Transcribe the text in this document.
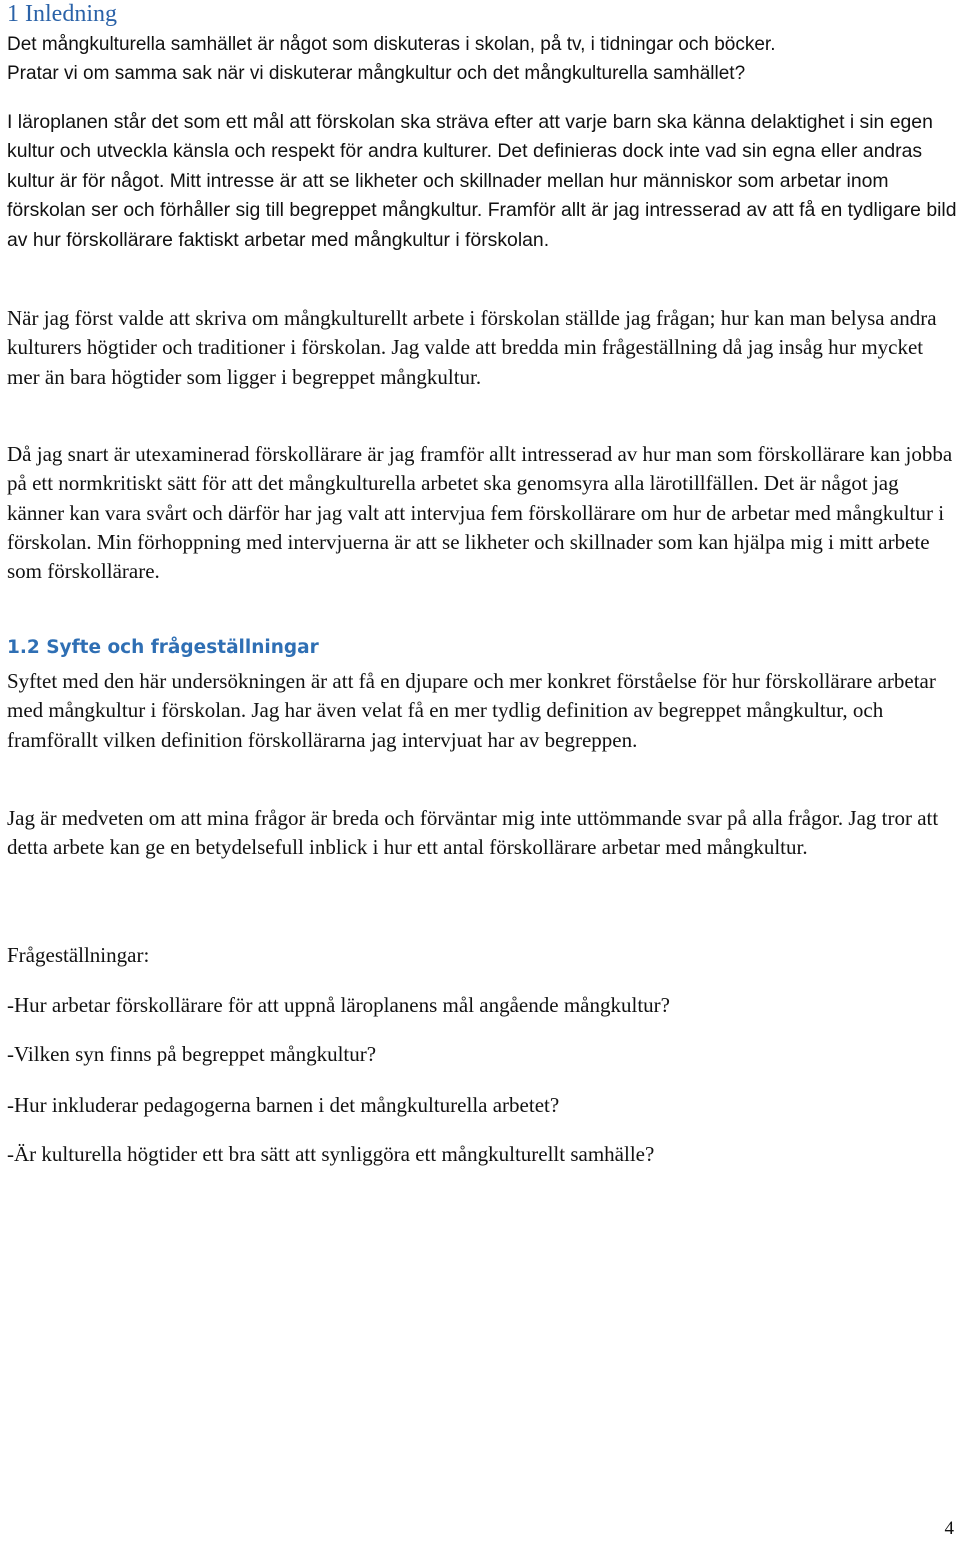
1 Inledning
Det mångkulturella samhället är något som diskuteras i skolan, på tv, i tidningar och böcker.
Pratar vi om samma sak när vi diskuterar mångkultur och det mångkulturella samhället?

I läroplanen står det som ett mål att förskolan ska sträva efter att varje barn ska känna delaktighet i sin egen kultur och utveckla känsla och respekt för andra kulturer. Det definieras dock inte vad sin egna eller andras kultur är för något. Mitt intresse är att se likheter och skillnader mellan hur människor som arbetar inom förskolan ser och förhåller sig till begreppet mångkultur. Framför allt är jag intresserad av att få en tydligare bild av hur förskollärare faktiskt arbetar med mångkultur i förskolan.

När jag först valde att skriva om mångkulturellt arbete i förskolan ställde jag frågan; hur kan man belysa andra kulturers högtider och traditioner i förskolan. Jag valde att bredda min frågeställning då jag insåg hur mycket mer än bara högtider som ligger i begreppet mångkultur.

Då jag snart är utexaminerad förskollärare är jag framför allt intresserad av hur man som förskollärare kan jobba på ett normkritiskt sätt för att det mångkulturella arbetet ska genomsyra alla lärotillfällen. Det är något jag känner kan vara svårt och därför har jag valt att intervjua fem förskollärare om hur de arbetar med mångkultur i förskolan. Min förhoppning med intervjuerna är att se likheter och skillnader som kan hjälpa mig i mitt arbete som förskollärare.

1.2 Syfte och frågeställningar

Syftet med den här undersökningen är att få en djupare och mer konkret förståelse för hur förskollärare arbetar med mångkultur i förskolan. Jag har även velat få en mer tydlig definition av begreppet mångkultur, och framförallt vilken definition förskollärarna jag intervjuat har av begreppen.

Jag är medveten om att mina frågor är breda och förväntar mig inte uttömmande svar på alla frågor. Jag tror att detta arbete kan ge en betydelsefull inblick i hur ett antal förskollärare arbetar med mångkultur.

Frågeställningar:

-Hur arbetar förskollärare för att uppnå läroplanens mål angående mångkultur?

-Vilken syn finns på begreppet mångkultur?

-Hur inkluderar pedagogerna barnen i det mångkulturella arbetet?

-Är kulturella högtider ett bra sätt att synliggöra ett mångkulturellt samhälle?

4
